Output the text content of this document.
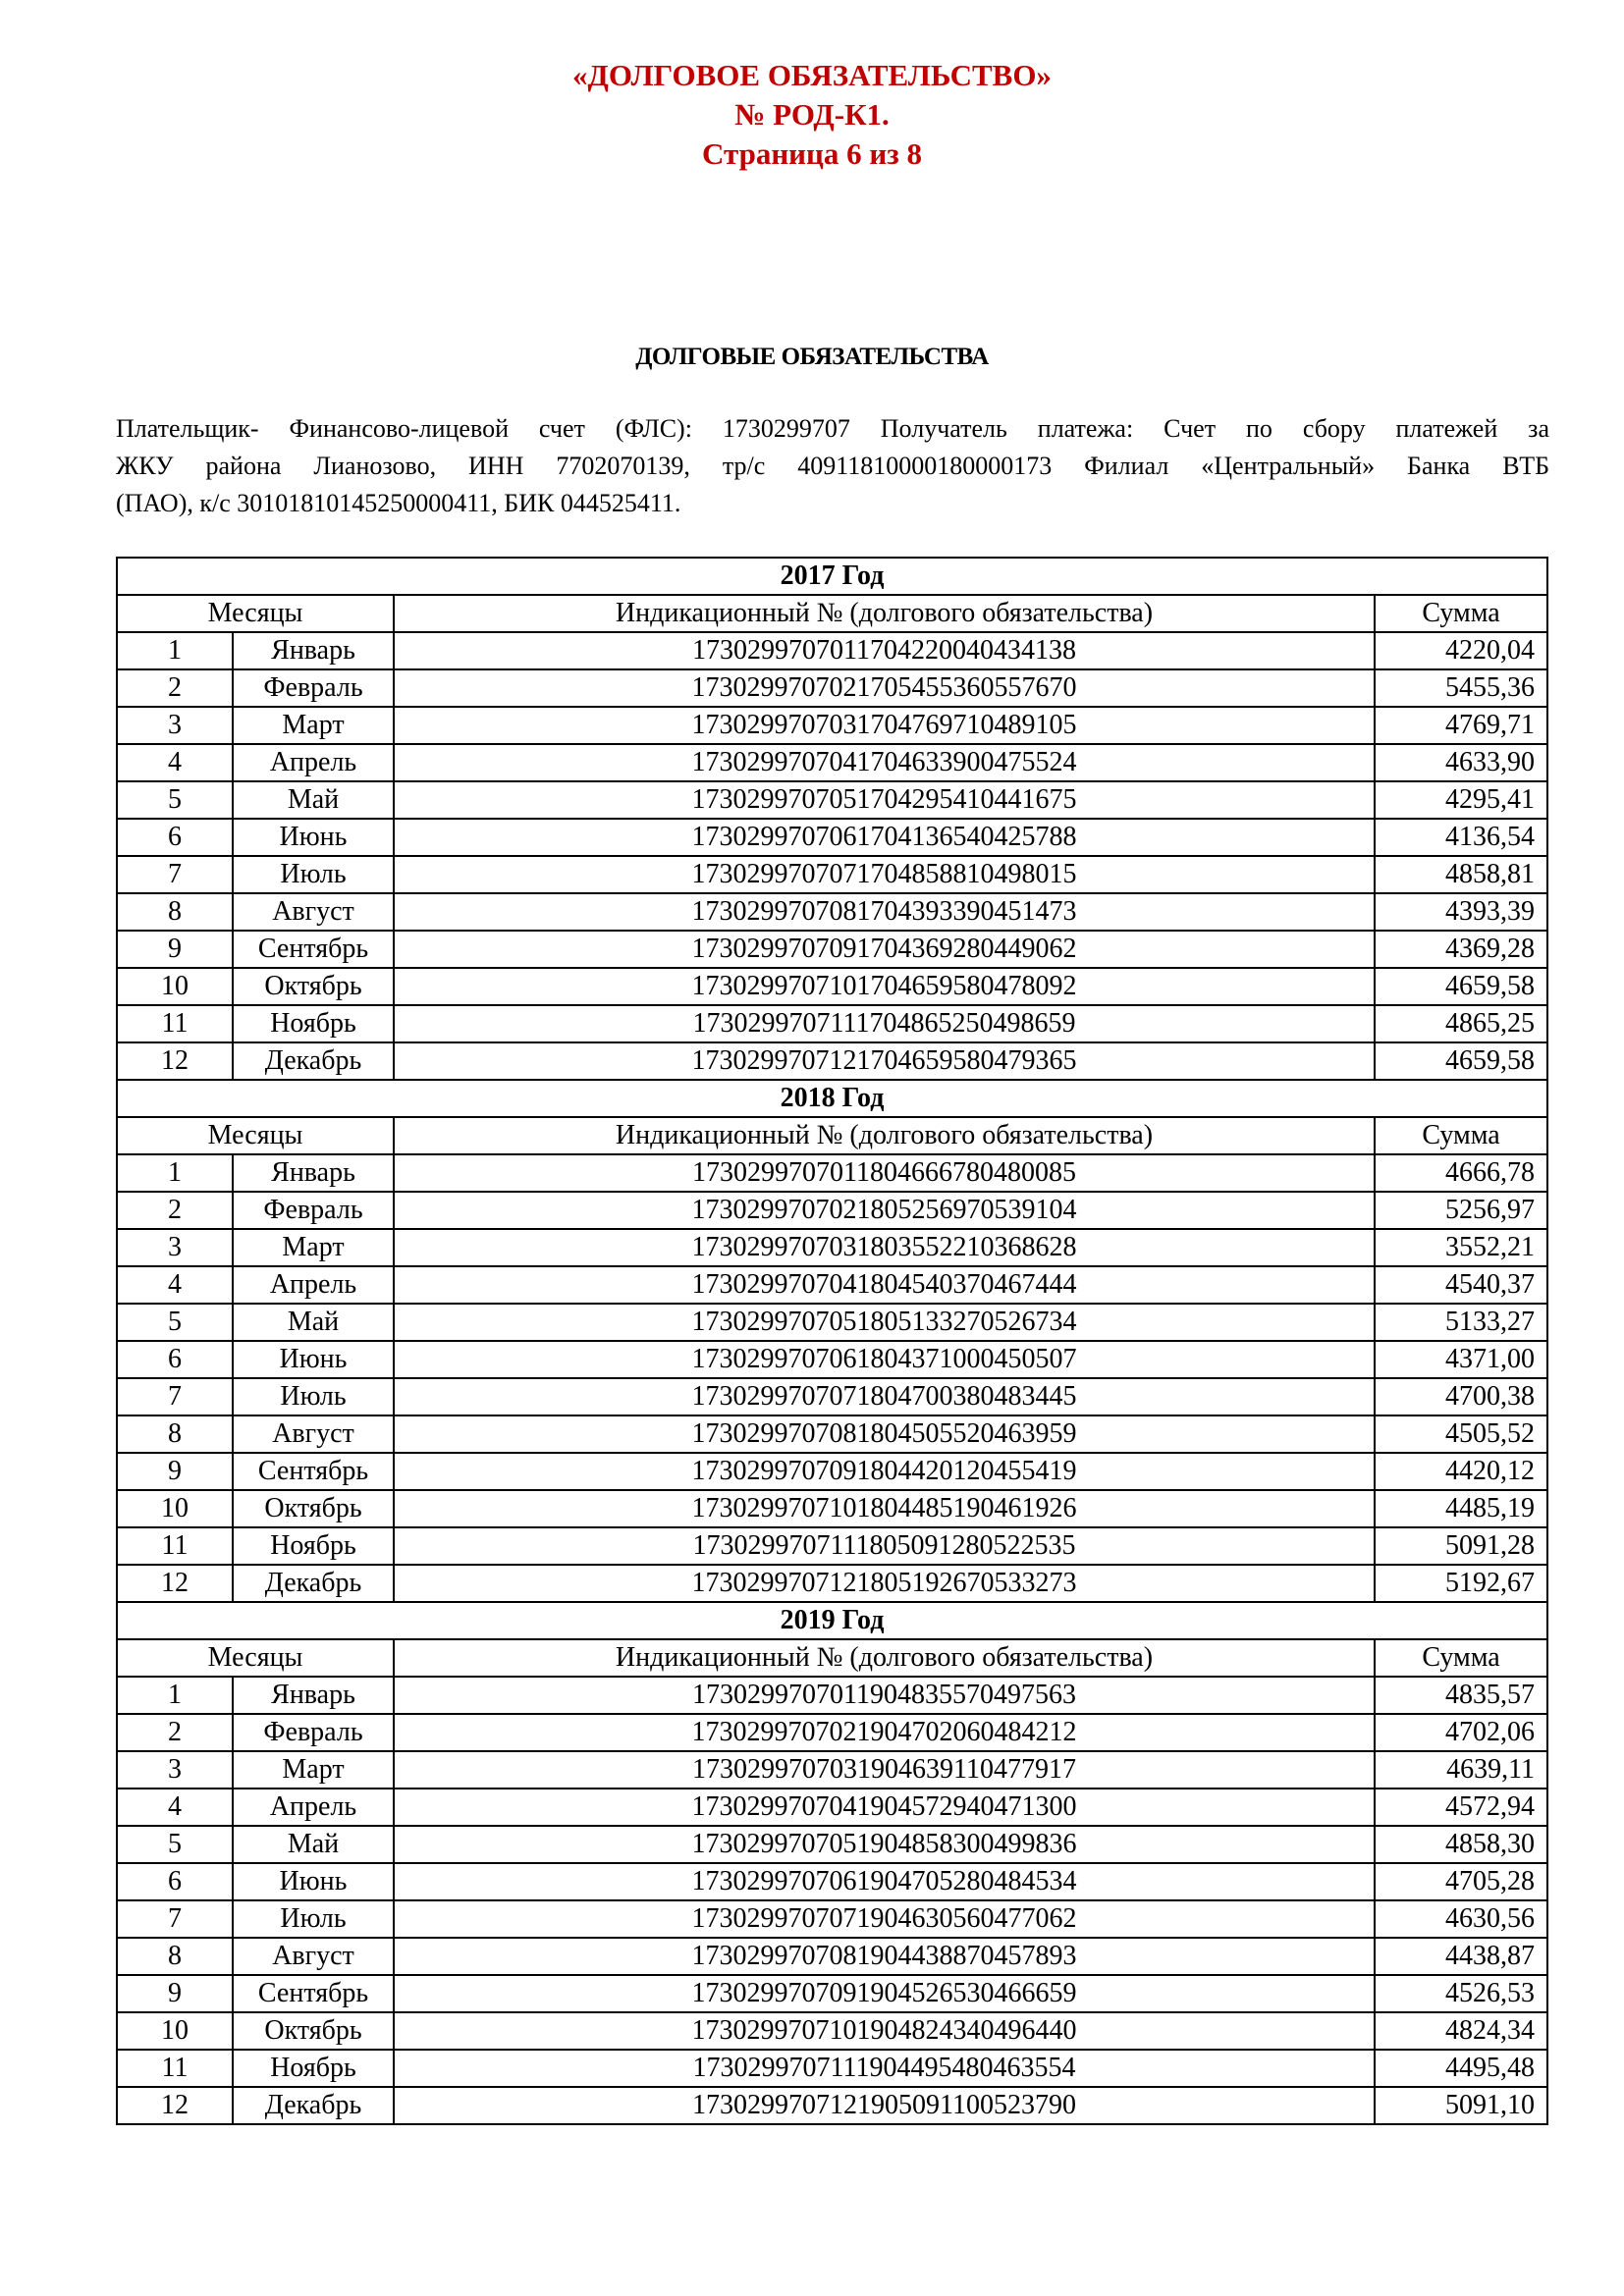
«ДОЛГОВОЕ ОБЯЗАТЕЛЬСТВО»
№ РОД-К1.
Страница 6 из 8
ДОЛГОВЫЕ ОБЯЗАТЕЛЬСТВА
Плательщик- Финансово-лицевой счет (ФЛС): 1730299707 Получатель платежа: Счет по сбору платежей за
ЖКУ района Лианозово, ИНН 7702070139, тр/с 40911810000180000173 Филиал «Центральный» Банка ВТБ
(ПАО), к/с 30101810145250000411, БИК 044525411.
2017 Год			
Месяцы		Индикационный № (долгового обязательства)	Сумма
1	Январь	1730299707011704220040434138	4220,04
2	Февраль	1730299707021705455360557670	5455,36
3	Март	1730299707031704769710489105	4769,71
4	Апрель	1730299707041704633900475524	4633,90
5	Май	1730299707051704295410441675	4295,41
6	Июнь	1730299707061704136540425788	4136,54
7	Июль	1730299707071704858810498015	4858,81
8	Август	1730299707081704393390451473	4393,39
9	Сентябрь	1730299707091704369280449062	4369,28
10	Октябрь	1730299707101704659580478092	4659,58
11	Ноябрь	1730299707111704865250498659	4865,25
12	Декабрь	1730299707121704659580479365	4659,58
2018 Год			
Месяцы		Индикационный № (долгового обязательства)	Сумма
1	Январь	1730299707011804666780480085	4666,78
2	Февраль	1730299707021805256970539104	5256,97
3	Март	1730299707031803552210368628	3552,21
4	Апрель	1730299707041804540370467444	4540,37
5	Май	1730299707051805133270526734	5133,27
6	Июнь	1730299707061804371000450507	4371,00
7	Июль	1730299707071804700380483445	4700,38
8	Август	1730299707081804505520463959	4505,52
9	Сентябрь	1730299707091804420120455419	4420,12
10	Октябрь	1730299707101804485190461926	4485,19
11	Ноябрь	1730299707111805091280522535	5091,28
12	Декабрь	1730299707121805192670533273	5192,67
2019 Год			
Месяцы		Индикационный № (долгового обязательства)	Сумма
1	Январь	1730299707011904835570497563	4835,57
2	Февраль	1730299707021904702060484212	4702,06
3	Март	1730299707031904639110477917	4639,11
4	Апрель	1730299707041904572940471300	4572,94
5	Май	1730299707051904858300499836	4858,30
6	Июнь	1730299707061904705280484534	4705,28
7	Июль	1730299707071904630560477062	4630,56
8	Август	1730299707081904438870457893	4438,87
9	Сентябрь	1730299707091904526530466659	4526,53
10	Октябрь	1730299707101904824340496440	4824,34
11	Ноябрь	1730299707111904495480463554	4495,48
12	Декабрь	1730299707121905091100523790	5091,10
